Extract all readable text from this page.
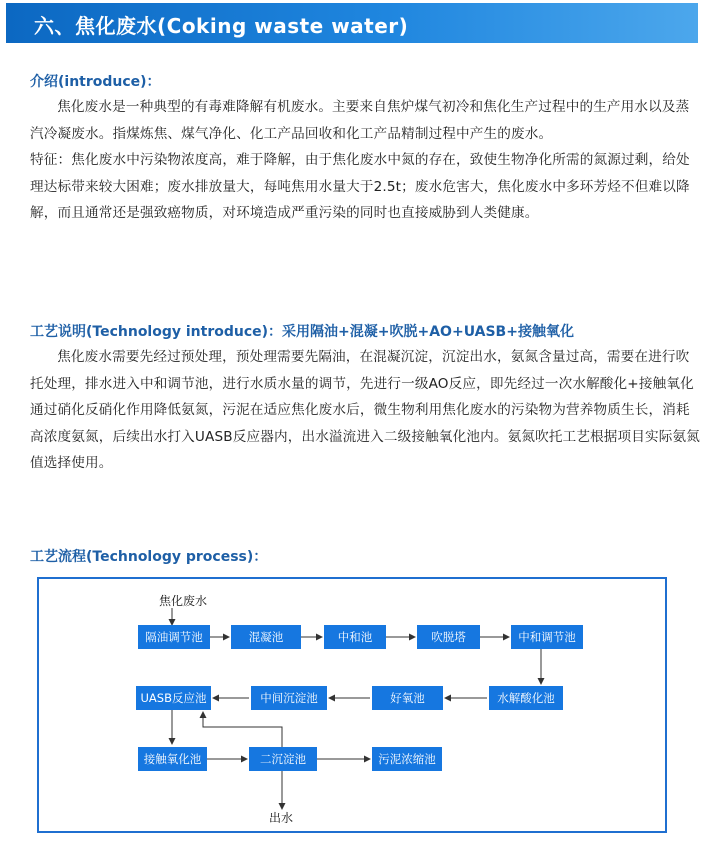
六、焦化废水(Coking waste water)
介绍(introduce)：

焦化废水是一种典型的有毒难降解有机废水。主要来自焦炉煤气初冷和焦化生产过程中的生产用水以及蒸汽冷凝废水。指煤炼焦、煤气净化、化工产品回收和化工产品精制过程中产生的废水。

特征：焦化废水中污染物浓度高，难于降解，由于焦化废水中氮的存在，致使生物净化所需的氮源过剩，给处理达标带来较大困难；废水排放量大，每吨焦用水量大于2.5t；废水危害大，焦化废水中多环芳烃不但难以降解，而且通常还是强致癌物质，对环境造成严重污染的同时也直接威胁到人类健康。

工艺说明(Technology introduce)：采用隔油+混凝+吹脱+AO+UASB+接触氧化

焦化废水需要先经过预处理，预处理需要先隔油，在混凝沉淀，沉淀出水，氨氮含量过高，需要在进行吹托处理，排水进入中和调节池，进行水质水量的调节，先进行一级AO反应，即先经过一次水解酸化+接触氧化通过硝化反硝化作用降低氨氮，污泥在适应焦化废水后，微生物利用焦化废水的污染物为营养物质生长，消耗高浓度氨氮，后续出水打入UASB反应器内，出水溢流进入二级接触氧化池内。氨氮吹托工艺根据项目实际氨氮值选择使用。

工艺流程(Technology process)：
焦化废水
隔油调节池	混凝池	中和池	吹脱塔	中和调节池
水解酸化池
好氧池
中间沉淀池
UASB反应池
接触氧化池	二沉淀池	污泥浓缩池
出水
